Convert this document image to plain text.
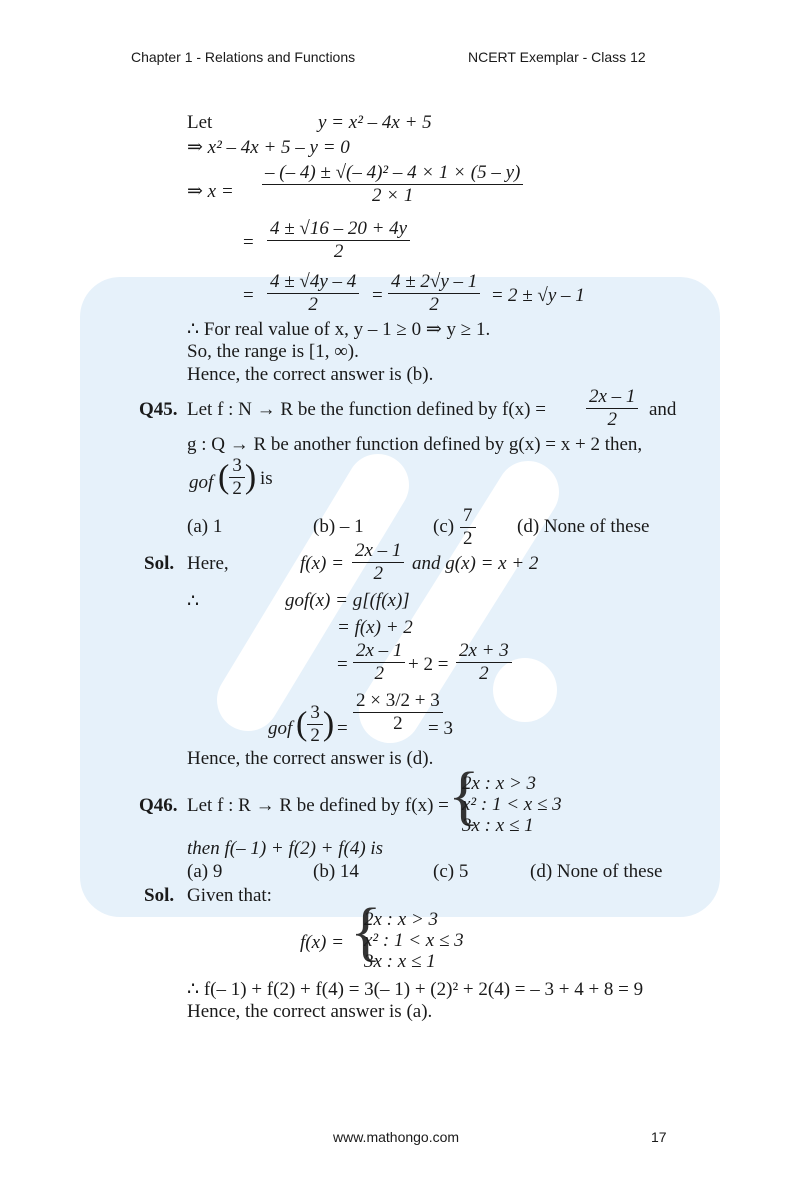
Chapter 1 - Relations and Functions	NCERT Exemplar - Class 12
Let	y = x² – 4x + 5
⇒ x² – 4x + 5 – y = 0
⇒ $x = \frac{\text{– (– 4) ± √(– 4)² – 4 × 1 × (5 – y)}}{2 \times 1}$
= $\frac{4 \pm √16 - 20 + 4y}{2}$
= $\frac{4 \pm √4y - 4}{2} = \frac{4 \pm 2√y - 1}{2} = 2 \pm √y - 1$
∴ For real value of x, y – 1 ≥ 0 ⇒ y ≥ 1.
So, the range is [1, ∞).
Hence, the correct answer is (b).
Q45. Let f : N → R be the function defined by $f(x) = \frac{2x - 1}{2}$ and
g : Q → R be another function defined by g(x) = x + 2 then,
gof ( $\frac{3}{2}$ ) is
(a) 1	(b) – 1	$(c) \frac{7}{2} (d)$ None of these
Sol. Here,	$f(x) = \frac{2x - 1}{2}$ and g(x) = x + 2
∴	gof(x) = g[(f(x)]
= f(x) + 2
= $\frac{2x - 1}{2} + 2 = \frac{2x + 3}{2}$
gof ( $\frac{3}{2}$ ) = $\frac{2 \times 3/2 + 3}{2}$
= 3
Hence, the correct answer is (d).
Q46. Let f : R → R be defined by f(x) = {
2x : x > 3
x² : 1 < x ≤ 3
3x : x ≤ 1
then f(– 1) + f(2) + f(4) is
(a) 9	(b) 14	(c) 5	(d) None of these
Sol. Given that:
f(x) = {
2x : x > 3
x² : 1 < x ≤ 3
3x : x ≤ 1
∴ f(– 1) + f(2) + f(4) = 3(– 1) + (2)² + 2(4) = – 3 + 4 + 8 = 9
Hence, the correct answer is (a).
www.mathongo.com	17
